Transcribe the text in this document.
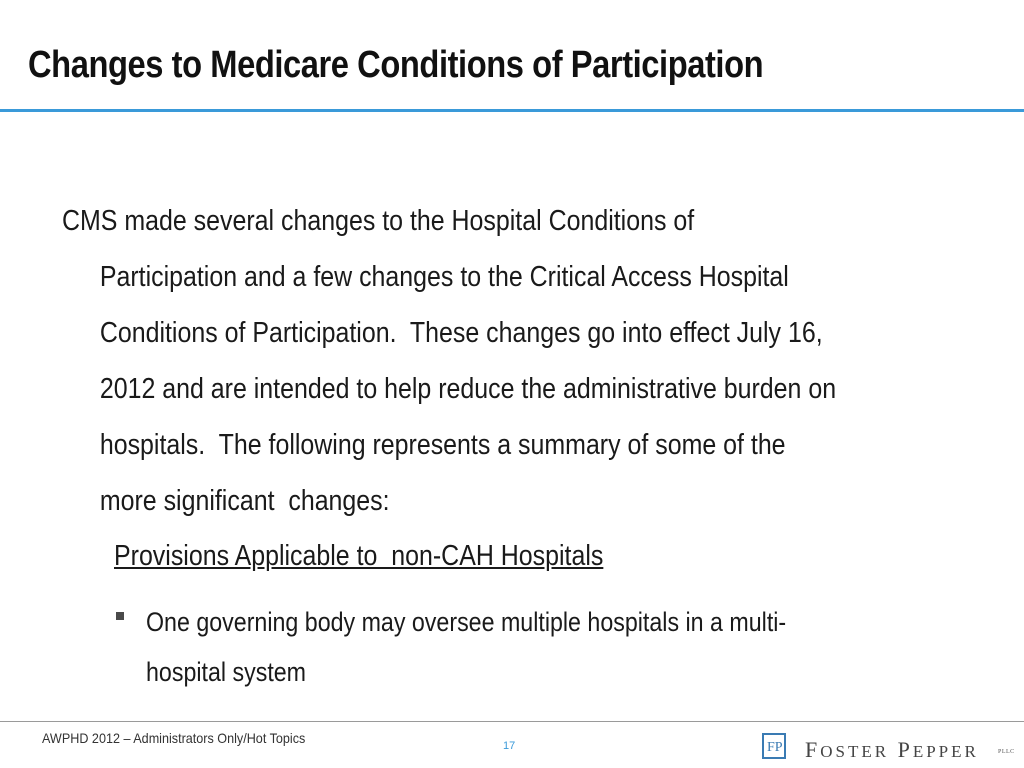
Changes to Medicare Conditions of Participation

CMS made several changes to the Hospital Conditions of
Participation and a few changes to the Critical Access Hospital
Conditions of Participation.  These changes go into effect July 16,
2012 and are intended to help reduce the administrative burden on
hospitals.  The following represents a summary of some of the
more significant  changes:

Provisions Applicable to  non-CAH Hospitals

One governing body may oversee multiple hospitals in a multi-
hospital system

AWPHD 2012 – Administrators Only/Hot Topics	17	FP FOSTER PEPPER	PLLC
